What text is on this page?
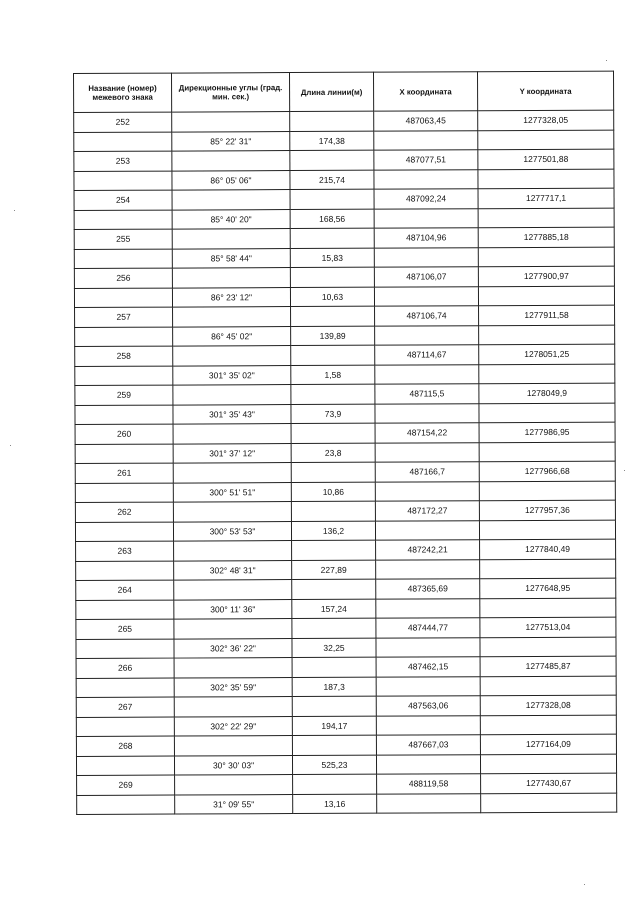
Название (номер) межевого знака	Дирекционные углы (град. мин. сек.)	Длина линии(м)	X координата	Y координата
252			487063,45	1277328,05
	85° 22' 31"	174,38		
253			487077,51	1277501,88
	86° 05' 06"	215,74		
254			487092,24	1277717,1
	85° 40' 20"	168,56		
255			487104,96	1277885,18
	85° 58' 44"	15,83		
256			487106,07	1277900,97
	86° 23' 12"	10,63		
257			487106,74	1277911,58
	86° 45' 02"	139,89		
258			487114,67	1278051,25
	301° 35' 02"	1,58		
259			487115,5	1278049,9
	301° 35' 43"	73,9		
260			487154,22	1277986,95
	301° 37' 12"	23,8		
261			487166,7	1277966,68
	300° 51' 51"	10,86		
262			487172,27	1277957,36
	300° 53' 53"	136,2		
263			487242,21	1277840,49
	302° 48' 31"	227,89		
264			487365,69	1277648,95
	300° 11' 36"	157,24		
265			487444,77	1277513,04
	302° 36' 22"	32,25		
266			487462,15	1277485,87
	302° 35' 59"	187,3		
267			487563,06	1277328,08
	302° 22' 29"	194,17		
268			487667,03	1277164,09
	30° 30' 03"	525,23		
269			488119,58	1277430,67
	31° 09' 55"	13,16		
